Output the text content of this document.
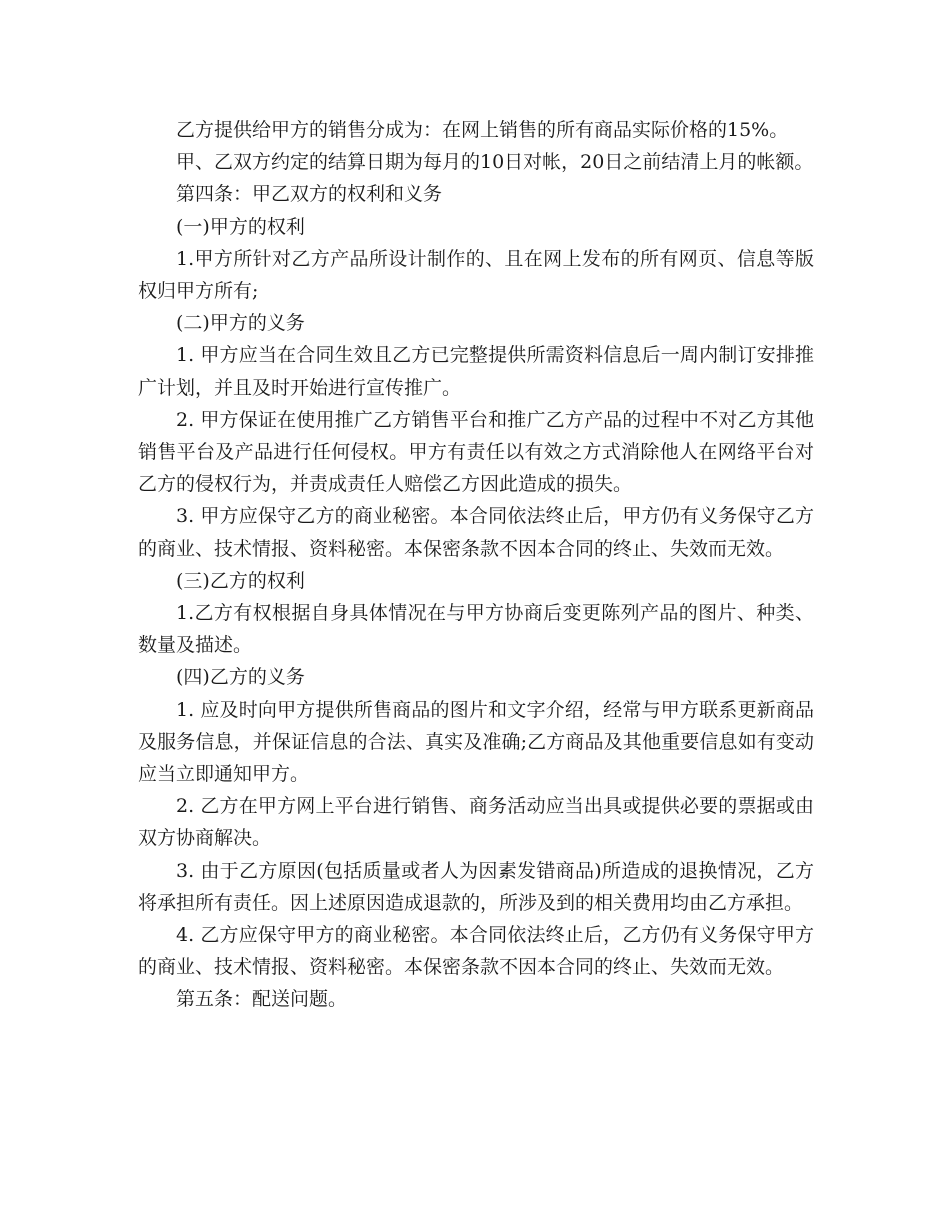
乙方提供给甲方的销售分成为：在网上销售的所有商品实际价格的15%。

甲、乙双方约定的结算日期为每月的10日对帐，20日之前结清上月的帐额。

第四条：甲乙双方的权利和义务

(一)甲方的权利

1.甲方所针对乙方产品所设计制作的、且在网上发布的所有网页、信息等版权归甲方所有;

(二)甲方的义务

1. 甲方应当在合同生效且乙方已完整提供所需资料信息后一周内制订安排推广计划，并且及时开始进行宣传推广。

2. 甲方保证在使用推广乙方销售平台和推广乙方产品的过程中不对乙方其他销售平台及产品进行任何侵权。甲方有责任以有效之方式消除他人在网络平台对乙方的侵权行为，并责成责任人赔偿乙方因此造成的损失。

3. 甲方应保守乙方的商业秘密。本合同依法终止后，甲方仍有义务保守乙方的商业、技术情报、资料秘密。本保密条款不因本合同的终止、失效而无效。

(三)乙方的权利

1.乙方有权根据自身具体情况在与甲方协商后变更陈列产品的图片、种类、数量及描述。

(四)乙方的义务

1. 应及时向甲方提供所售商品的图片和文字介绍，经常与甲方联系更新商品及服务信息，并保证信息的合法、真实及准确;乙方商品及其他重要信息如有变动应当立即通知甲方。

2. 乙方在甲方网上平台进行销售、商务活动应当出具或提供必要的票据或由双方协商解决。

3. 由于乙方原因(包括质量或者人为因素发错商品)所造成的退换情况，乙方将承担所有责任。因上述原因造成退款的，所涉及到的相关费用均由乙方承担。

4. 乙方应保守甲方的商业秘密。本合同依法终止后，乙方仍有义务保守甲方的商业、技术情报、资料秘密。本保密条款不因本合同的终止、失效而无效。

第五条：配送问题。
